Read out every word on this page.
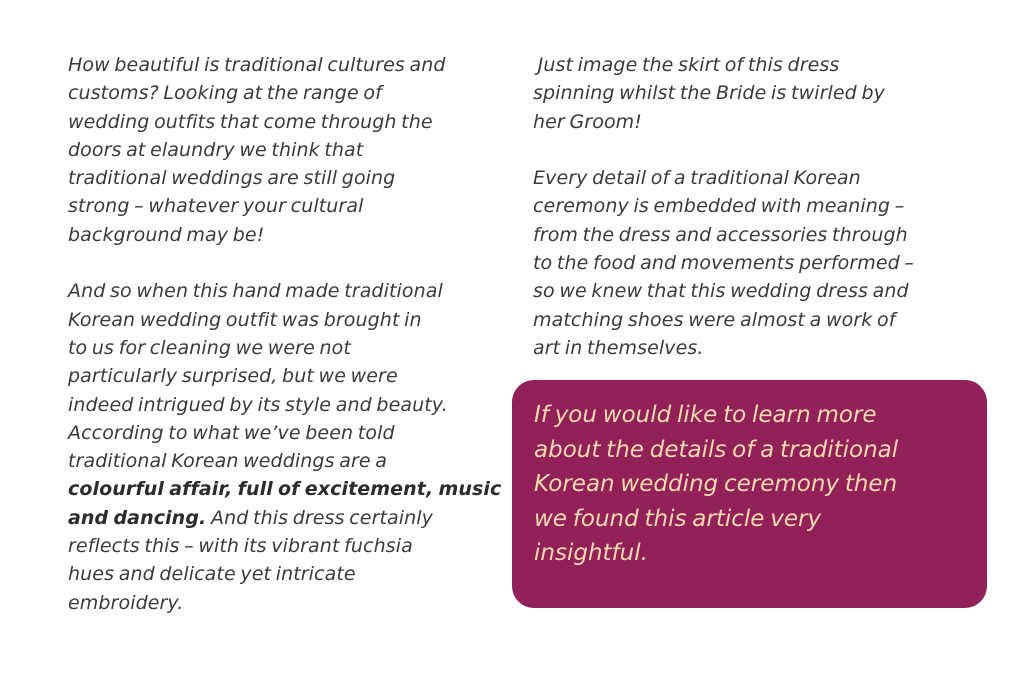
How beautiful is traditional cultures and
customs? Looking at the range of
wedding outfits that come through the
doors at elaundry we think that
traditional weddings are still going
strong – whatever your cultural
background may be!

And so when this hand made traditional
Korean wedding outfit was brought in
to us for cleaning we were not
particularly surprised, but we were
indeed intrigued by its style and beauty.
According to what we’ve been told
traditional Korean weddings are a
colourful affair, full of excitement, music
and dancing. And this dress certainly
reflects this – with its vibrant fuchsia
hues and delicate yet intricate
embroidery.

Just image the skirt of this dress
spinning whilst the Bride is twirled by
her Groom!

Every detail of a traditional Korean
ceremony is embedded with meaning –
from the dress and accessories through
to the food and movements performed –
so we knew that this wedding dress and
matching shoes were almost a work of
art in themselves.

If you would like to learn more
about the details of a traditional
Korean wedding ceremony then
we found this article very
insightful.
